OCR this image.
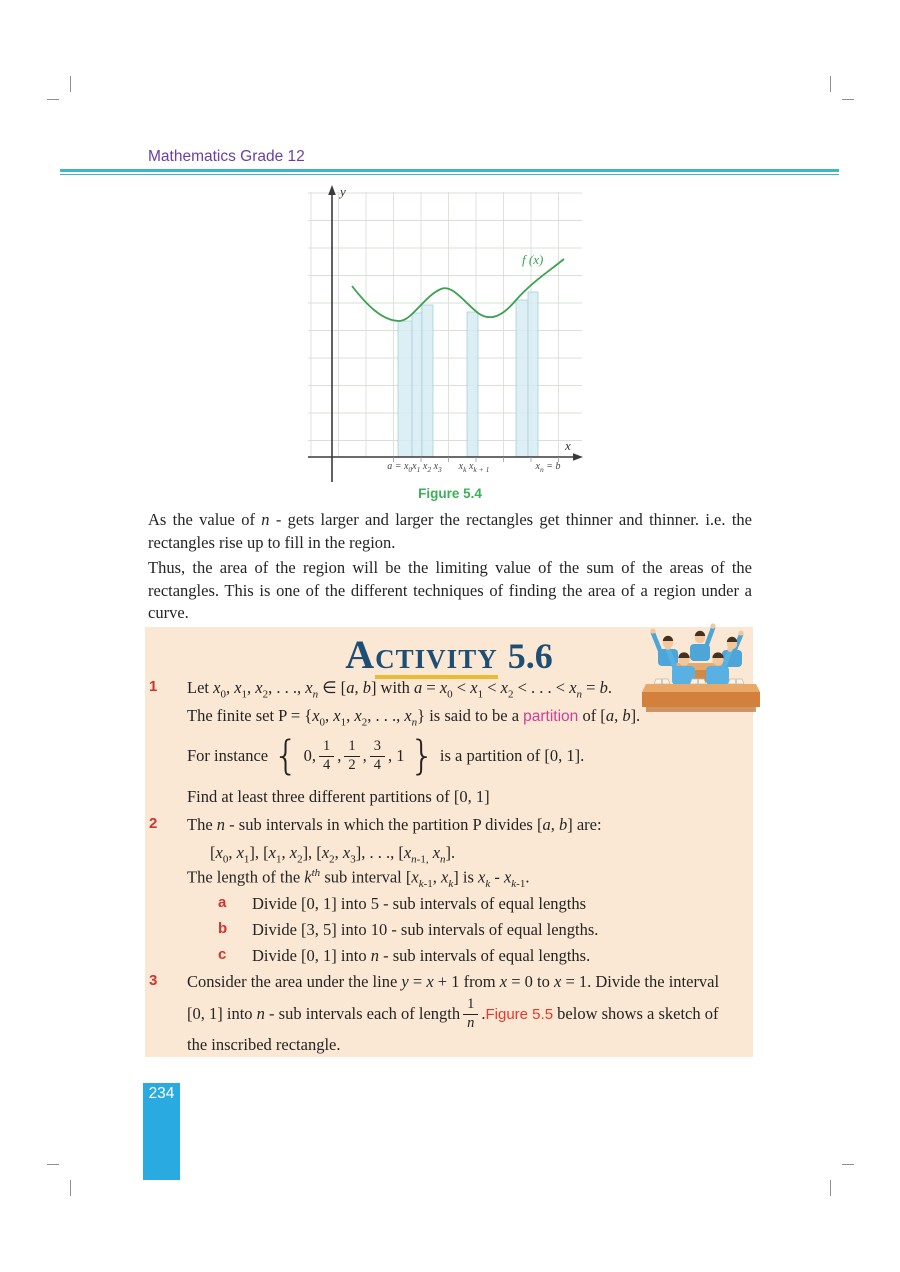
Mathematics Grade 12
y
x
f (x)
$a = x_0x_1$ $x_2$ $x_3$	$x_k$ $x_{k + 1}$	$x_n = b$
Figure 5.4
As the value of n - gets larger and larger the rectangles get thinner and thinner. i.e. the rectangles rise up to fill in the region.
Thus, the area of the region will be the limiting value of the sum of the areas of the rectangles. This is one of the different techniques of finding the area of a region under a curve.
ACTIVITY 5.6
1	Let $x_0$, $x_1$, $x_2$, . . ., $x_n$ ∈ [a, b] with $a = x_0 < x_1 < x_2$ < . . . < $x_n = b$.
The finite set $P = \{x_0$, $x_1$, $x_2$, . . ., $x_n$} is said to be a partition of [a, b].
For instance { 0, $\frac{1}{4}$ , $\frac{1}{2}$ , $\frac{3}{4}$ , 1 } is a partition of [0, 1].
Find at least three different partitions of [0, 1]
2	The n - sub intervals in which the partition P divides [a, b] are:
[$x_0$, $x_1$], [$x_1$, $x_2$], [$x_2$, $x_3$], . . ., [$x_{n-1,}$ $x_n$].
The length of the $k^{th}$ sub interval [$x_{k-1}$, $x_k$] is $x_k - x_{k-1}$.
a	Divide [0, 1] into 5 - sub intervals of equal lengths
b	Divide [3, 5] into 10 - sub intervals of equal lengths.
c	Divide [0, 1] into n - sub intervals of equal lengths.
3	Consider the area under the line y = x + 1 from x = 0 to x = 1. Divide the interval
[0, 1] into n - sub intervals each of length $\frac{1}{n}$ . Figure 5.5 below shows a sketch of
the inscribed rectangle.
234
